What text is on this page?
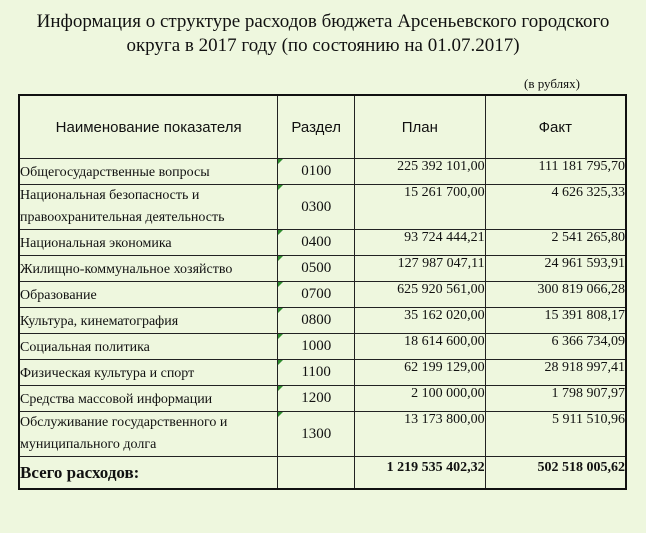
Информация о структуре расходов бюджета Арсеньевского городского
округа в 2017 году (по состоянию на 01.07.2017)
(в рублях)
Наименование показателя	Раздел	План	Факт
Общегосударственные вопросы	0100	225 392 101,00	111 181 795,70
Национальная безопасность и правоохранительная деятельность	0300	15 261 700,00	4 626 325,33
Национальная экономика	0400	93 724 444,21	2 541 265,80
Жилищно-коммунальное хозяйство	0500	127 987 047,11	24 961 593,91
Образование	0700	625 920 561,00	300 819 066,28
Культура, кинематография	0800	35 162 020,00	15 391 808,17
Социальная политика	1000	18 614 600,00	6 366 734,09
Физическая культура и спорт	1100	62 199 129,00	28 918 997,41
Средства массовой информации	1200	2 100 000,00	1 798 907,97
Обслуживание государственного и муниципального долга	1300	13 173 800,00	5 911 510,96
Всего расходов:		1 219 535 402,32	502 518 005,62
